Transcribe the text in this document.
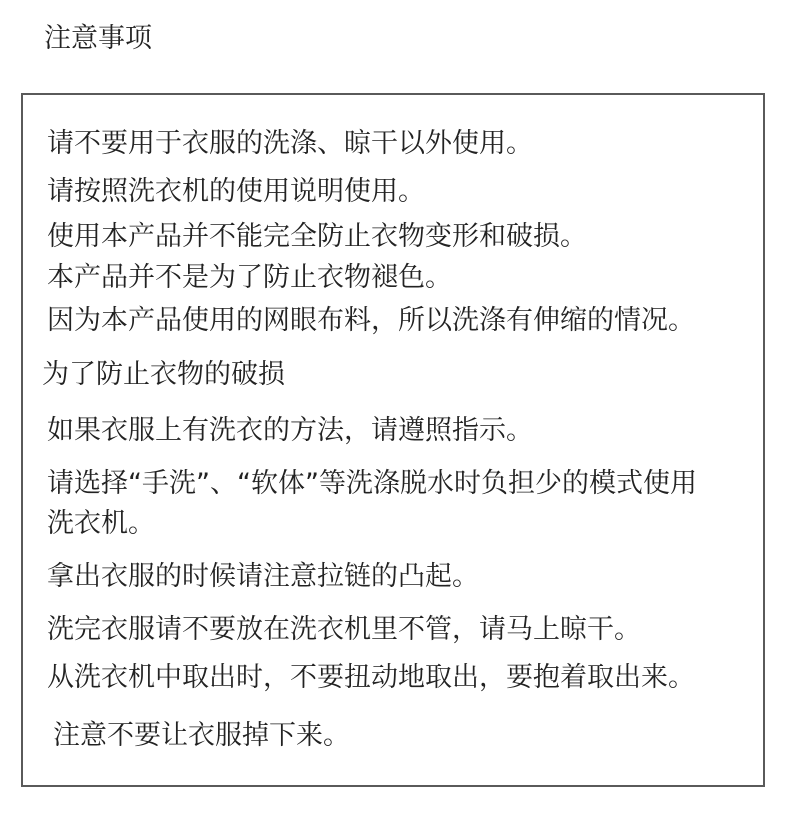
注意事项
请不要用于衣服的洗涤、晾干以外使用。
请按照洗衣机的使用说明使用。
使用本产品并不能完全防止衣物变形和破损。
本产品并不是为了防止衣物褪色。
因为本产品使用的网眼布料，所以洗涤有伸缩的情况。
为了防止衣物的破损
如果衣服上有洗衣的方法，请遵照指示。
请选择“手洗”、“软体”等洗涤脱水时负担少的模式使用
洗衣机。
拿出衣服的时候请注意拉链的凸起。
洗完衣服请不要放在洗衣机里不管，请马上晾干。
从洗衣机中取出时，不要扭动地取出，要抱着取出来。
注意不要让衣服掉下来。
